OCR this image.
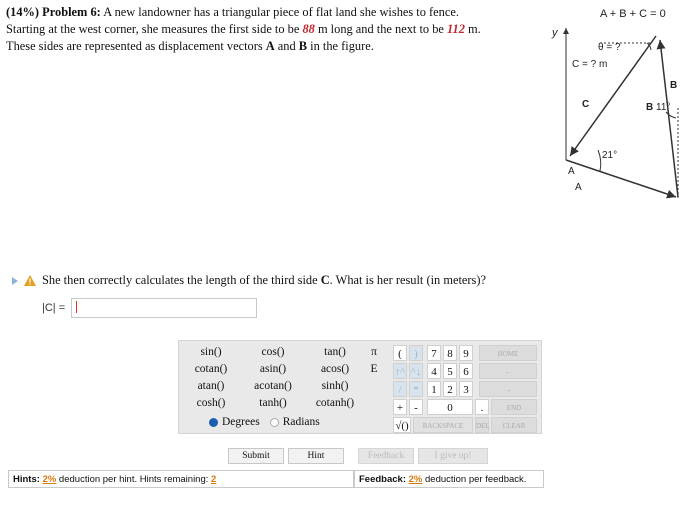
(14%) Problem 6: A new landowner has a triangular piece of flat land she wishes to fence.
Starting at the west corner, she measures the first side to be 88 m long and the next to be 112 m.
These sides are represented as displacement vectors A and B in the figure.
y
A + B + C = 0
θ = ?
C = ? m
B
B 11°
C
21°
A
A
She then correctly calculates the length of the third side C. What is her result (in meters)?
|C| =
sin()	cos()	tan()
cotan()	asin()	acos()
atan()	acotan()	sinh()
cosh()	tanh()	cotanh()
Degrees Radians
π
E
(	)	7 8 9	HOME
↑^ ^↓ 4 5 6	←
/	*	1 2 3	→
+	-	0	.	END
√()	BACKSPACE	DEL	CLEAR
Submit	Hint	Feedback	I give up!
Hints: 2% deduction per hint. Hints remaining: 2	Feedback: 2% deduction per feedback.
